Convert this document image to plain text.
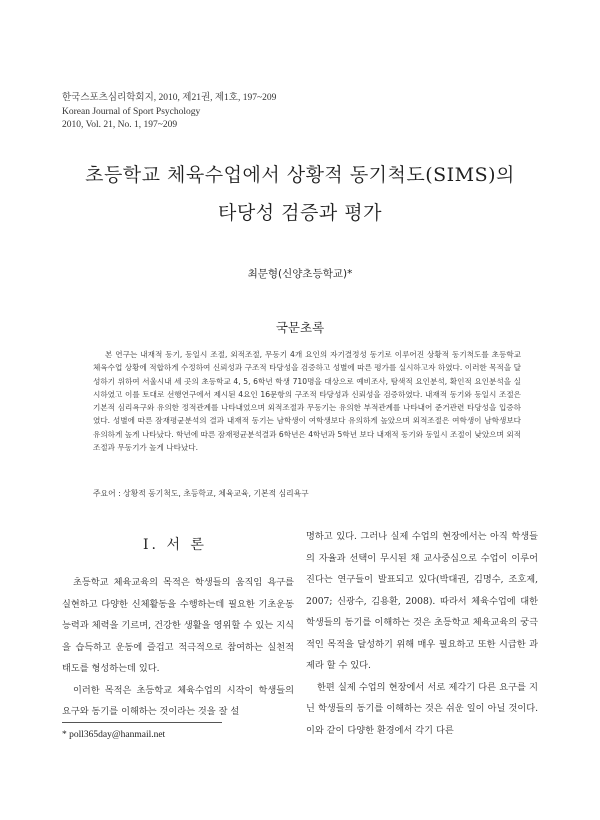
한국스포츠심리학회지, 2010, 제21권, 제1호, 197~209
Korean Journal of Sport Psychology
2010, Vol. 21, No. 1, 197~209
초등학교 체육수업에서 상황적 동기척도(SIMS)의
타당성 검증과 평가
최문형(신양초등학교)*
국문초록
본 연구는 내재적 동기, 동일시 조절, 외적조절, 무동기 4개 요인의 자기결정성 동기로 이루어진 상황적 동기척도를 초등학교 체육수업 상황에 적합하게 수정하여 신뢰성과 구조적 타당성을 검증하고 성별에 따른 평가를 실시하고자 하였다. 이러한 목적을 달성하기 위하여 서울시내 세 곳의 초등학교 4, 5, 6학년 학생 710명을 대상으로 예비조사, 탐색적 요인분석, 확인적 요인분석을 실시하였고 이를 토대로 선행연구에서 제시된 4요인 16문항의 구조적 타당성과 신뢰성을 검증하였다. 내재적 동기와 동일시 조절은 기본적 심리욕구와 유의한 정적관계를 나타내었으며 외적조절과 무동기는 유의한 부적관계를 나타내어 준거관련 타당성을 입증하였다. 성별에 따른 잠재평균분석의 결과 내재적 동기는 남학생이 여학생보다 유의하게 높았으며 외적조절은 여학생이 남학생보다 유의하게 높게 나타났다. 학년에 따른 잠재평균분석결과 6학년은 4학년과 5학년 보다 내재적 동기와 동일시 조절이 낮았으며 외적조절과 무동기가 높게 나타났다.
주요어 : 상황적 동기척도, 초등학교, 체육교육, 기본적 심리욕구
I. 서 론

초등학교 체육교육의 목적은 학생들의 움직임 욕구를 실현하고 다양한 신체활동을 수행하는데 필요한 기초운동 능력과 체력을 기르며, 건강한 생활을 영위할 수 있는 지식을 습득하고 운동에 즐겁고 적극적으로 참여하는 실천적 태도를 형성하는데 있다.

이러한 목적은 초등학교 체육수업의 시작이 학생들의 요구와 동기를 이해하는 것이라는 것을 잘 설

명하고 있다. 그러나 실제 수업의 현장에서는 아직 학생들의 자율과 선택이 무시된 채 교사중심으로 수업이 이루어진다는 연구들이 발표되고 있다(박대권, 김명수, 조호제, 2007; 신광수, 김용환, 2008). 따라서 체육수업에 대한 학생들의 동기를 이해하는 것은 초등학교 체육교육의 궁극적인 목적을 달성하기 위해 매우 필요하고 또한 시급한 과제라 할 수 있다.

한편 실제 수업의 현장에서 서로 제각기 다른 요구를 지닌 학생들의 동기를 이해하는 것은 쉬운 일이 아닐 것이다. 이와 같이 다양한 환경에서 각기 다른

* poll365day@hanmail.net
